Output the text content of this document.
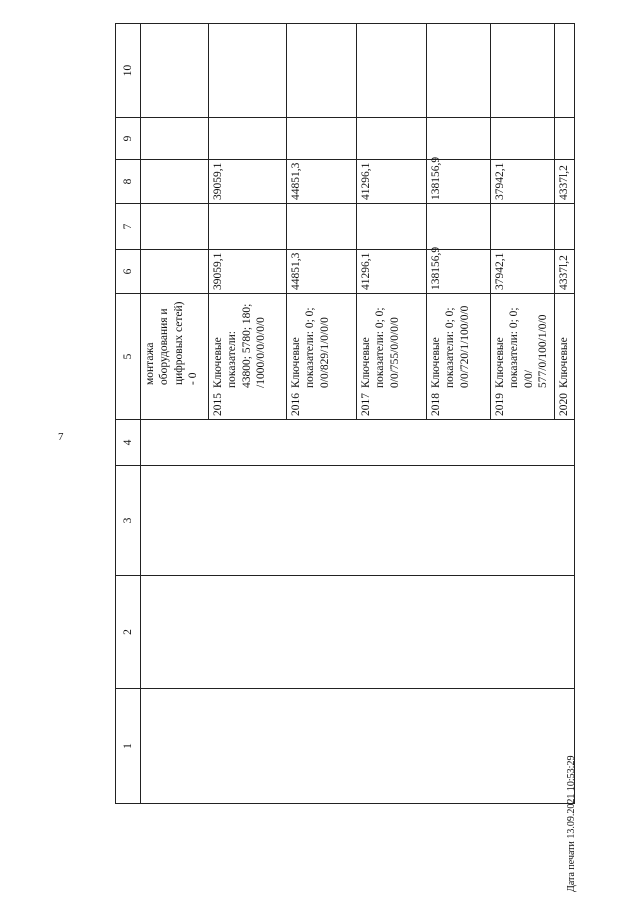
7
Дата печати 13.09.2021 10:53:29
1	2	3	4	5	6	7	8	9	10

				монтажа оборудования и цифровых сетей) - 0					

				2015Ключевые показатели: 43800; 5780; 180; /1000/0/0/0/0/0	39059,1		39059,1		
				2016Ключевые показатели: 0; 0; 0/0/829/1/0/0/0	44851,3		44851,3		
				2017Ключевые показатели: 0; 0; 0/0/755/0/0/0/0	41296,1		41296,1		
				2018Ключевые показатели: 0; 0; 0/0/720/1/100/0/0	138156,9		138156,9		
				2019Ключевые показатели: 0; 0; 0/0/ 577/0/100/1/0/0	37942,1		37942,1		
				2020Ключевые	4337l,2		4337l,2		
